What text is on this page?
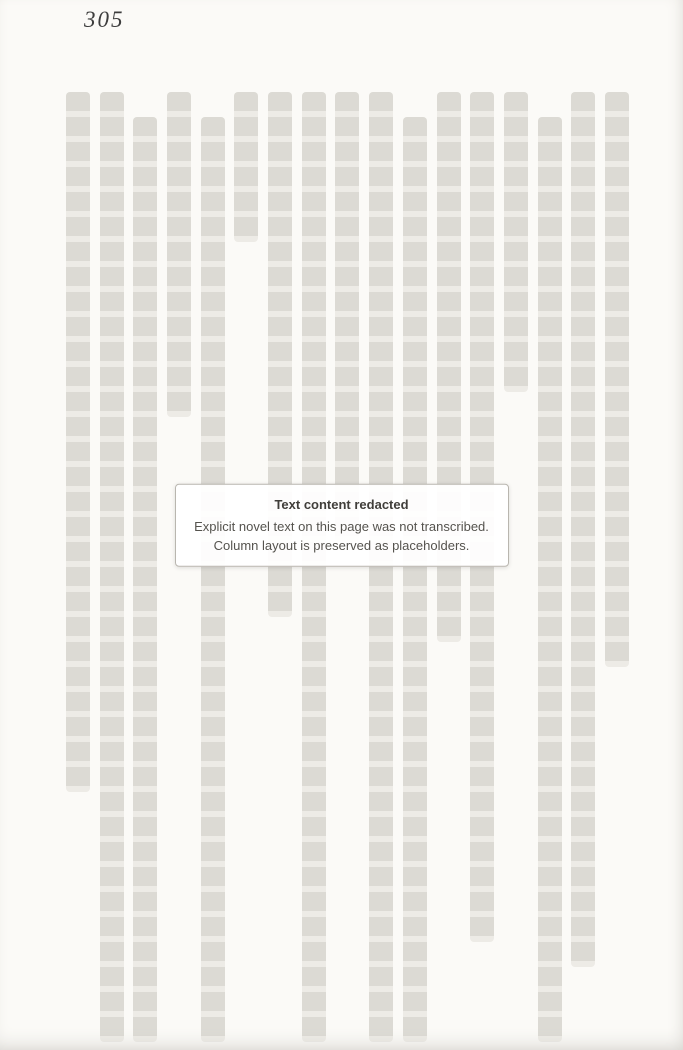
305
Text content redacted
Explicit novel text on this page was not transcribed. Column layout is preserved as placeholders.
